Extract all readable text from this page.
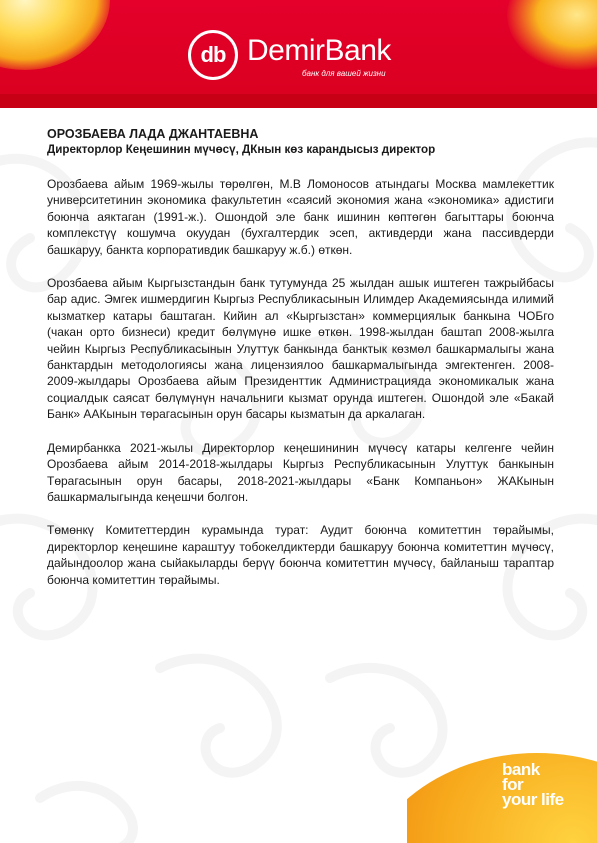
db DemirBank
банк для вашей жизни

ОРОЗБАЕВА ЛАДА ДЖАНТАЕВНА

Директорлор Кеңешинин мүчөсү, ДКнын көз карандысыз директор

Орозбаева айым 1969-жылы төрөлгөн, М.В Ломоносов атындагы Москва мамлекеттик университетинин экономика факультетин «саясий экономия жана «экономика» адистиги боюнча аяктаган (1991-ж.). Ошондой эле банк ишинин көптөгөн багыттары боюнча комплекстүү кошумча окуудан (бухгалтердик эсеп, активдерди жана пассивдерди башкаруу, банкта корпоративдик башкаруу ж.б.) өткөн.

Орозбаева айым Кыргызстандын банк тутумунда 25 жылдан ашык иштеген тажрыйбасы бар адис. Эмгек ишмердигин Кыргыз Республикасынын Илимдер Академиясында илимий кызматкер катары баштаган. Кийин ал «Кыргызстан» коммерциялык банкына ЧОБго (чакан орто бизнеси) кредит бөлүмүнө ишке өткөн. 1998-жылдан баштап 2008-жылга чейин Кыргыз Республикасынын Улуттук банкында банктык көзмөл башкармалыгы жана банктардын методологиясы жана лицензиялоо башкармалыгында эмгектенген. 2008-2009-жылдары Орозбаева айым Президенттик Администрацияда экономикалык жана социалдык саясат бөлүмүнүн начальниги кызмат орунда иштеген. Ошондой эле «Бакай Банк» ААКынын төрагасынын орун басары кызматын да аркалаган.

Демирбанкка 2021-жылы Директорлор кеңешининин мүчөсү катары келгенге чейин Орозбаева айым 2014-2018-жылдары Кыргыз Республикасынын Улуттук банкынын Төрагасынын орун басары, 2018-2021-жылдары «Банк Компаньон» ЖАКынын башкармалыгында кеңешчи болгон.

Төмөнкү Комитеттердин курамында турат: Аудит боюнча комитеттин төрайымы, директорлор кеңешине караштуу тобокелдиктерди башкаруу боюнча комитеттин мүчөсү, дайындоолор жана сыйакыларды берүү боюнча комитеттин мүчөсү, байланыш тараптар боюнча комитеттин төрайымы.

bank
for
your life
